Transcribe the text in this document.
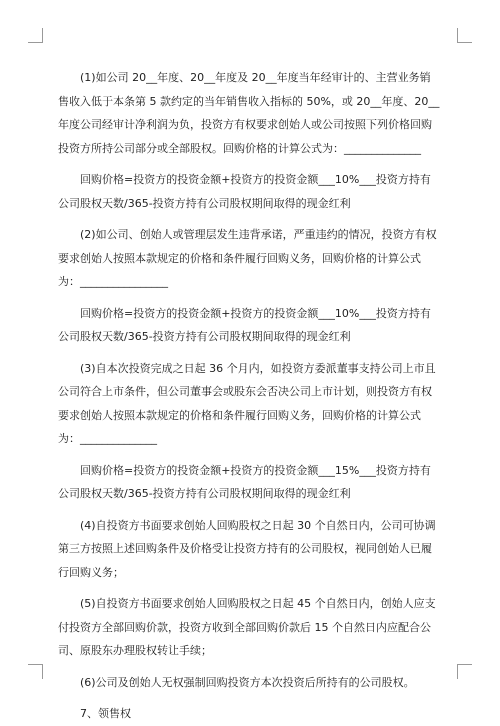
(1)如公司 20__年度、20__年度及 20__年度当年经审计的、主营业务销售收入低于本条第 5 款约定的当年销售收入指标的 50%，或 20__年度、20__年度公司经审计净利润为负，投资方有权要求创始人或公司按照下列价格回购投资方所持公司部分或全部股权。回购价格的计算公式为：______________

回购价格=投资方的投资金额+投资方的投资金额___10%___投资方持有公司股权天数/365-投资方持有公司股权期间取得的现金红利

(2)如公司、创始人或管理层发生违背承诺，严重违约的情况，投资方有权要求创始人按照本款规定的价格和条件履行回购义务，回购价格的计算公式为：________________

回购价格=投资方的投资金额+投资方的投资金额___10%___投资方持有公司股权天数/365-投资方持有公司股权期间取得的现金红利

(3)自本次投资完成之日起 36 个月内，如投资方委派董事支持公司上市且公司符合上市条件，但公司董事会或股东会否决公司上市计划，则投资方有权要求创始人按照本款规定的价格和条件履行回购义务，回购价格的计算公式为：______________

回购价格=投资方的投资金额+投资方的投资金额___15%___投资方持有公司股权天数/365-投资方持有公司股权期间取得的现金红利

(4)自投资方书面要求创始人回购股权之日起 30 个自然日内，公司可协调第三方按照上述回购条件及价格受让投资方持有的公司股权，视同创始人已履行回购义务；

(5)自投资方书面要求创始人回购股权之日起 45 个自然日内，创始人应支付投资方全部回购价款，投资方收到全部回购价款后 15 个自然日内应配合公司、原股东办理股权转让手续；

(6)公司及创始人无权强制回购投资方本次投资后所持有的公司股权。

7、领售权
